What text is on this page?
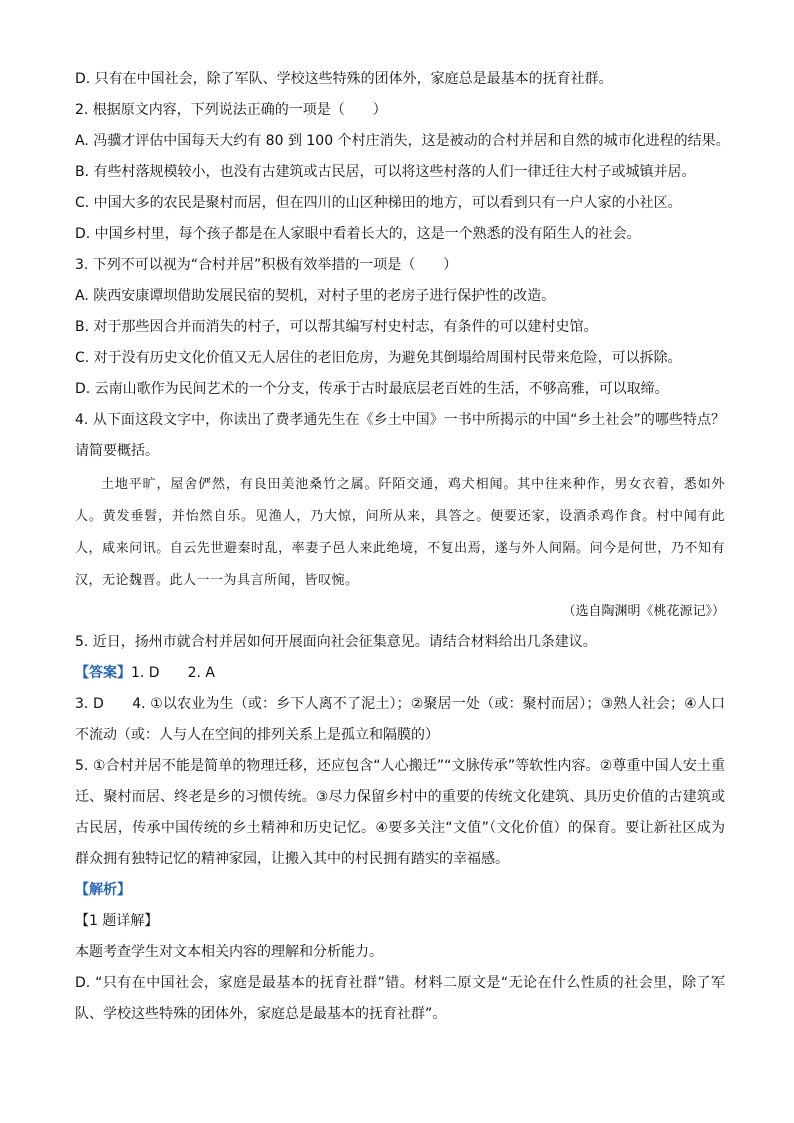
D. 只有在中国社会，除了军队、学校这些特殊的团体外，家庭总是最基本的抚育社群。
2. 根据原文内容，下列说法正确的一项是（　　）
A. 冯骥才评估中国每天大约有 80 到 100 个村庄消失，这是被动的合村并居和自然的城市化进程的结果。
B. 有些村落规模较小，也没有古建筑或古民居，可以将这些村落的人们一律迁往大村子或城镇并居。
C. 中国大多的农民是聚村而居，但在四川的山区种梯田的地方，可以看到只有一户人家的小社区。
D. 中国乡村里，每个孩子都是在人家眼中看着长大的，这是一个熟悉的没有陌生人的社会。
3. 下列不可以视为“合村并居”积极有效举措的一项是（　　）
A. 陕西安康谭坝借助发展民宿的契机，对村子里的老房子进行保护性的改造。
B. 对于那些因合并而消失的村子，可以帮其编写村史村志，有条件的可以建村史馆。
C. 对于没有历史文化价值又无人居住的老旧危房，为避免其倒塌给周围村民带来危险，可以拆除。
D. 云南山歌作为民间艺术的一个分支，传承于古时最底层老百姓的生活，不够高雅，可以取缔。
4. 从下面这段文字中，你读出了费孝通先生在《乡土中国》一书中所揭示的中国“乡土社会”的哪些特点？请简要概括。
土地平旷，屋舍俨然，有良田美池桑竹之属。阡陌交通，鸡犬相闻。其中往来种作，男女衣着，悉如外人。黄发垂髫，并怡然自乐。见渔人，乃大惊，问所从来，具答之。便要还家，设酒杀鸡作食。村中闻有此人，咸来问讯。自云先世避秦时乱，率妻子邑人来此绝境，不复出焉，遂与外人间隔。问今是何世，乃不知有汉，无论魏晋。此人一一为具言所闻，皆叹惋。
（选自陶渊明《桃花源记》）
5. 近日，扬州市就合村并居如何开展面向社会征集意见。请结合材料给出几条建议。
【答案】1. D　　2. A
3. D　　4. ①以农业为生（或：乡下人离不了泥土）；②聚居一处（或：聚村而居）；③熟人社会；④人口不流动（或：人与人在空间的排列关系上是孤立和隔膜的）
5. ①合村并居不能是简单的物理迁移，还应包含“人心搬迁”“文脉传承”等软性内容。②尊重中国人安土重迁、聚村而居、终老是乡的习惯传统。③尽力保留乡村中的重要的传统文化建筑、具历史价值的古建筑或古民居，传承中国传统的乡土精神和历史记忆。④要多关注“文值”（文化价值）的保育。要让新社区成为群众拥有独特记忆的精神家园，让搬入其中的村民拥有踏实的幸福感。
【解析】
【1 题详解】
本题考查学生对文本相关内容的理解和分析能力。
D. “只有在中国社会，家庭是最基本的抚育社群”错。材料二原文是“无论在什么性质的社会里，除了军队、学校这些特殊的团体外，家庭总是最基本的抚育社群”。
